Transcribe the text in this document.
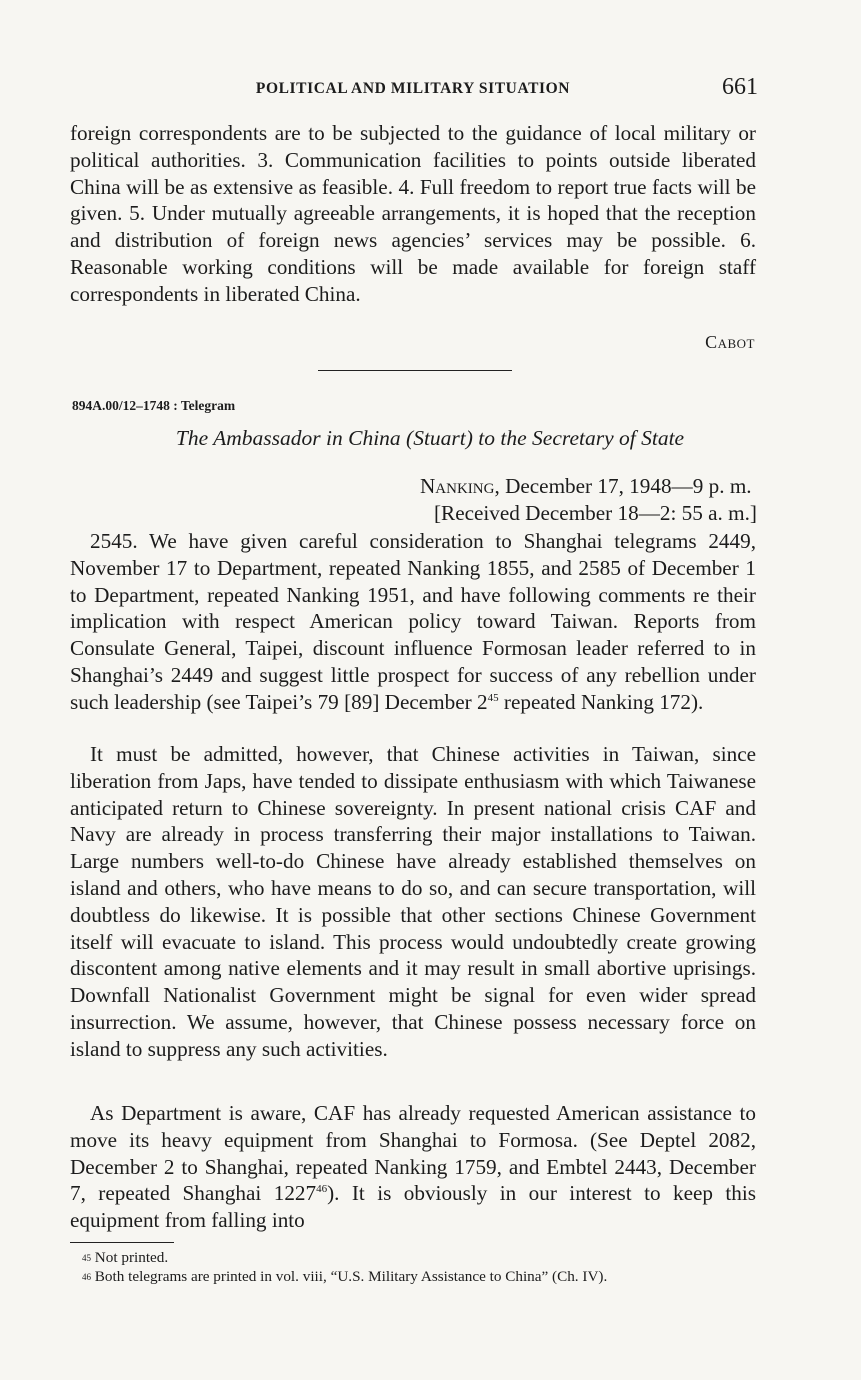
POLITICAL AND MILITARY SITUATION	661

foreign correspondents are to be subjected to the guidance of local military or political authorities. 3. Communication facilities to points outside liberated China will be as extensive as feasible. 4. Full freedom to report true facts will be given. 5. Under mutually agreeable arrangements, it is hoped that the reception and distribution of foreign news agencies’ services may be possible. 6. Reasonable working conditions will be made available for foreign staff correspondents in liberated China.

Cabot
894A.00/12–1748 : Telegram
The Ambassador in China (Stuart) to the Secretary of State
Nanking, December 17, 1948—9 p. m.
[Received December 18—2: 55 a. m.]

2545. We have given careful consideration to Shanghai telegrams 2449, November 17 to Department, repeated Nanking 1855, and 2585 of December 1 to Department, repeated Nanking 1951, and have following comments re their implication with respect American policy toward Taiwan. Reports from Consulate General, Taipei, discount influence Formosan leader referred to in Shanghai’s 2449 and suggest little prospect for success of any rebellion under such leadership (see Taipei’s 79 [89] December $2^{45}$ repeated Nanking 172).

It must be admitted, however, that Chinese activities in Taiwan, since liberation from Japs, have tended to dissipate enthusiasm with which Taiwanese anticipated return to Chinese sovereignty. In present national crisis CAF and Navy are already in process transferring their major installations to Taiwan. Large numbers well-to-do Chinese have already established themselves on island and others, who have means to do so, and can secure transportation, will doubtless do likewise. It is possible that other sections Chinese Government itself will evacuate to island. This process would undoubtedly create growing discontent among native elements and it may result in small abortive uprisings. Downfall Nationalist Government might be signal for even wider spread insurrection. We assume, however, that Chinese possess necessary force on island to suppress any such activities.

As Department is aware, CAF has already requested American assistance to move its heavy equipment from Shanghai to Formosa. (See Deptel 2082, December 2 to Shanghai, repeated Nanking 1759, and Embtel 2443, December 7, repeated Shanghai 1227$^{46}$). It is obviously in our interest to keep this equipment from falling into

$^{45}$ Not printed.

$^{46}$ Both telegrams are printed in vol. viii, “U.S. Military Assistance to China” (Ch. IV).
